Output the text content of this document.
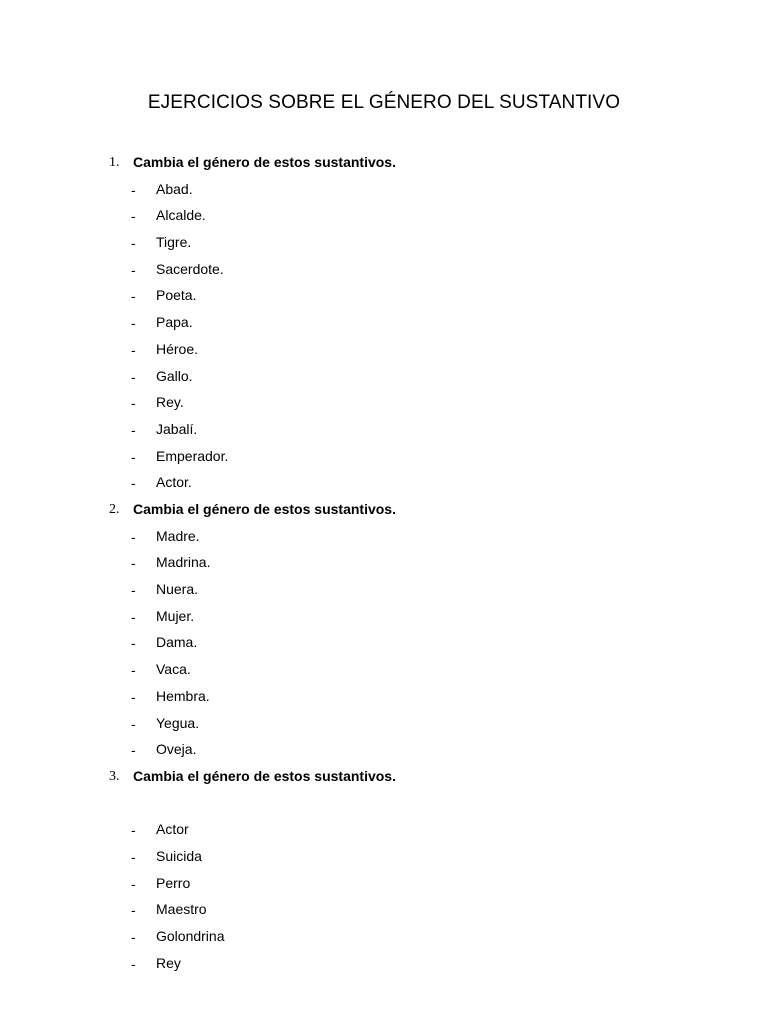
EJERCICIOS SOBRE EL GÉNERO DEL SUSTANTIVO
1. Cambia el género de estos sustantivos.
- Abad.
- Alcalde.
- Tigre.
- Sacerdote.
- Poeta.
- Papa.
- Héroe.
- Gallo.
- Rey.
- Jabalí.
- Emperador.
- Actor.
2. Cambia el género de estos sustantivos.
- Madre.
- Madrina.
- Nuera.
- Mujer.
- Dama.
- Vaca.
- Hembra.
- Yegua.
- Oveja.
3. Cambia el género de estos sustantivos.
- Actor
- Suicida
- Perro
- Maestro
- Golondrina
- Rey
